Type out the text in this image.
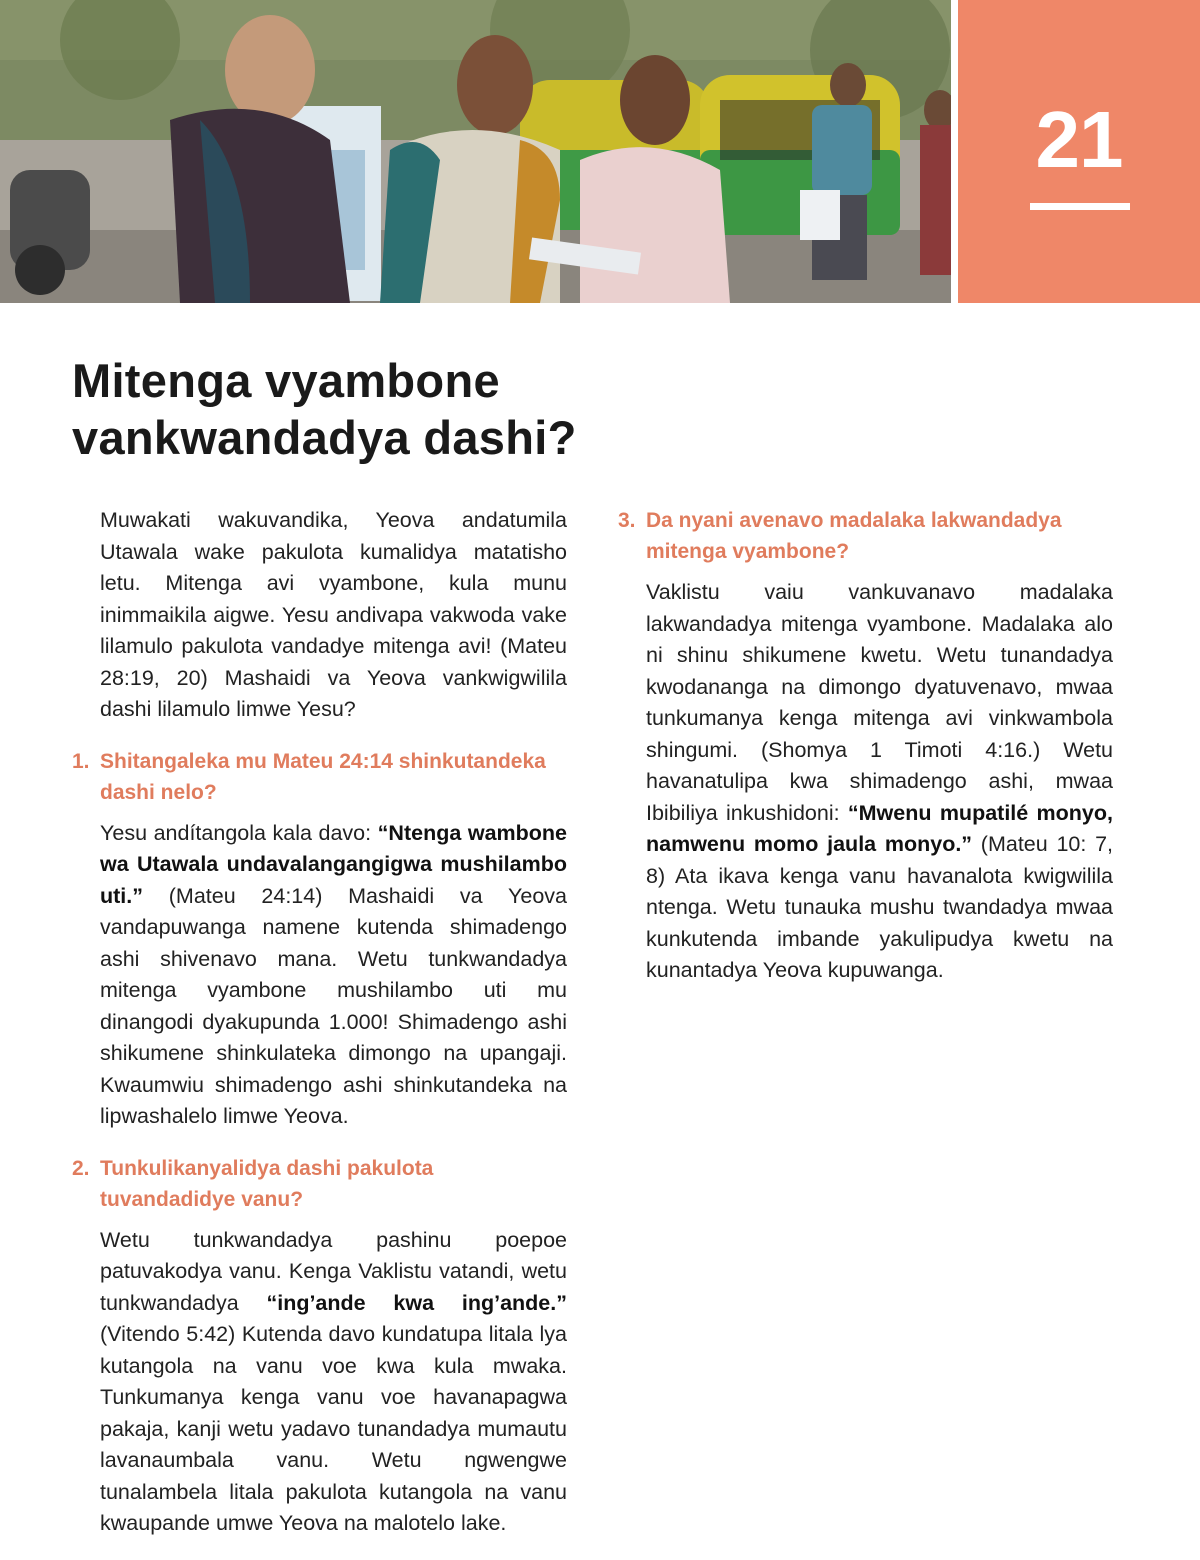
21
Mitenga vyambone
vankwandadya dashi?

Muwakati wakuvandika, Yeova andatumila Utawala wake pakulota kumalidya matatisho letu. Mitenga avi vyambone, kula munu inimmaikila aigwe. Yesu andivapa vakwoda vake lilamulo pakulota vandadye mitenga avi! (Mateu 28:19, 20) Mashaidi va Yeova vankwigwilila dashi lilamulo limwe Yesu?

1. Shitangaleka mu Mateu 24:14 shinkutandeka dashi nelo?

Yesu andítangola kala davo: “Ntenga wambone wa Utawala undavalangangigwa mushilambo uti.” (Mateu 24:14) Mashaidi va Yeova vandapuwanga namene kutenda shimadengo ashi shivenavo mana. Wetu tunkwandadya mitenga vyambone mushilambo uti mu dinangodi dyakupunda 1.000! Shimadengo ashi shikumene shinkulateka dimongo na upangaji. Kwaumwiu shimadengo ashi shinkutandeka na lipwashalelo limwe Yeova.

2. Tunkulikanyalidya dashi pakulota tuvandadidye vanu?

Wetu tunkwandadya pashinu poepoe patuvakodya vanu. Kenga Vaklistu vatandi, wetu tunkwandadya “ing’ande kwa ing’ande.” (Vitendo 5:42) Kutenda davo kundatupa litala lya kutangola na vanu voe kwa kula mwaka. Tunkumanya kenga vanu voe havanapagwa pakaja, kanji wetu yadavo tunandadya mumautu lavanaumbala vanu. Wetu ngwengwe tunalambela litala pakulota kutangola na vanu kwaupande umwe Yeova na malotelo lake.

3. Da nyani avenavo madalaka lakwandadya mitenga vyambone?

Vaklistu vaiu vankuvanavo madalaka lakwandadya mitenga vyambone. Madalaka alo ni shinu shikumene kwetu. Wetu tunandadya kwodananga na dimongo dyatuvenavo, mwaa tunkumanya kenga mitenga avi vinkwambola shingumi. (Shomya 1 Timoti 4:16.) Wetu havanatulipa kwa shimadengo ashi, mwaa Ibibiliya inkushidoni: “Mwenu mupatilé monyo, namwenu momo jaula monyo.” (Mateu 10: 7, 8) Ata ikava kenga vanu havanalota kwigwilila ntenga. Wetu tunauka mushu twandadya mwaa kunkutenda imbande yakulipudya kwetu na kunantadya Yeova kupuwanga.
